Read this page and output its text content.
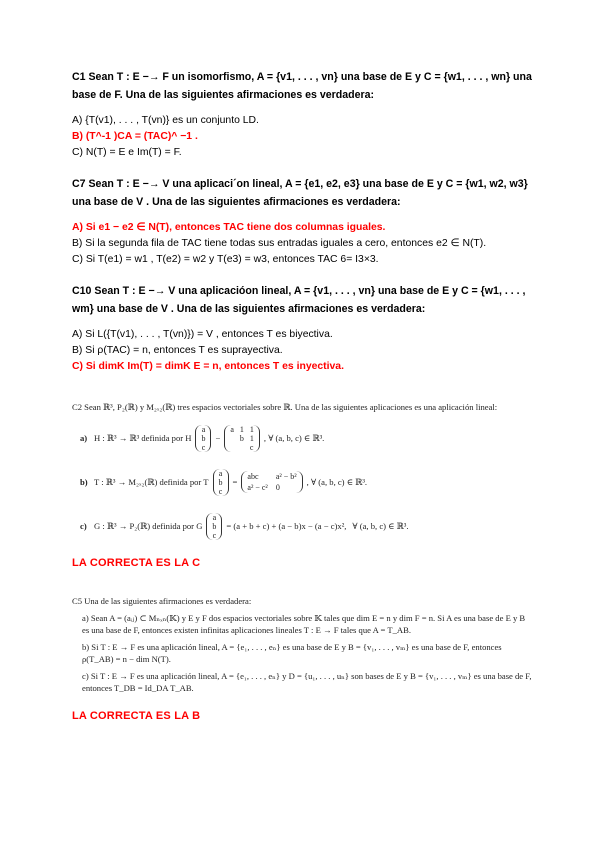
C1 Sean T : E −→ F un isomorfismo, A = {v1, . . . , vn} una base de E y C = {w1, . . . , wn} una base de F. Una de las siguientes afirmaciones es verdadera:

A) {T(v1), . . . , T(vn)} es un conjunto LD.

B) (T^-1 )CA = (TAC)^ −1 .

C) N(T) = E e Im(T) = F.

C7 Sean T : E −→ V una aplicaci´on lineal, A = {e1, e2, e3} una base de E y C = {w1, w2, w3} una base de V . Una de las siguientes afirmaciones es verdadera:

A) Si e1 − e2 ∈ N(T), entonces TAC tiene dos columnas iguales.

B) Si la segunda fila de TAC tiene todas sus entradas iguales a cero, entonces e2 ∈ N(T).

C) Si T(e1) = w1 , T(e2) = w2 y T(e3) = w3, entonces TAC 6= I3×3.

C10 Sean T : E −→ V una aplicacióon lineal, A = {v1, . . . , vn} una base de E y C = {w1, . . . , wm} una base de V . Una de las siguientes afirmaciones es verdadera:

A) Si L({T(v1), . . . , T(vn)}) = V , entonces T es biyectiva.

B) Si ρ(TAC) = n, entonces T es suprayectiva.

C) Si dimK Im(T) = dimK E = n, entonces T es inyectiva.

C2 Sean ℝ³, P₂(ℝ) y M₂ₓ₂(ℝ) tres espacios vectoriales sobre ℝ. Una de las siguientes aplicaciones es una aplicación lineal:

a) H : ℝ³ → ℝ³ definida por H
a
b
c
−
a 1 1
b 1
c
, ∀ (a, b, c) ∈ ℝ³.
b) T : ℝ³ → M₂ₓ₂(ℝ) definida por T
a
b
c
=
abc	a² − b²
a² − c² 0
, ∀ (a, b, c) ∈ ℝ³.
c) G : ℝ³ → P₂(ℝ) definida por G
a
b
c
= (a + b + c) + (a − b)x − (a − c)x², ∀ (a, b, c) ∈ ℝ³.

LA CORRECTA ES LA C

C5 Una de las siguientes afirmaciones es verdadera:

a) Sean A = (aᵢⱼ) ⊂ Mₙₓₙ(𝕂) y E y F dos espacios vectoriales sobre 𝕂 tales que dim E = n y dim F = n. Si A es una base de E y B es una base de F, entonces existen infinitas aplicaciones lineales T : E → F tales que A = T_AB.

b) Si T : E → F es una aplicación lineal, A = {e₁, . . . , eₙ} es una base de E y B = {v₁, . . . , vₘ} es una base de F, entonces ρ(T_AB) = n − dim N(T).

c) Si T : E → F es una aplicación lineal, A = {e₁, . . . , eₙ} y D = {u₁, . . . , uₙ} son bases de E y B = {v₁, . . . , vₘ} es una base de F, entonces T_DB = Id_DA T_AB.

LA CORRECTA ES LA B
